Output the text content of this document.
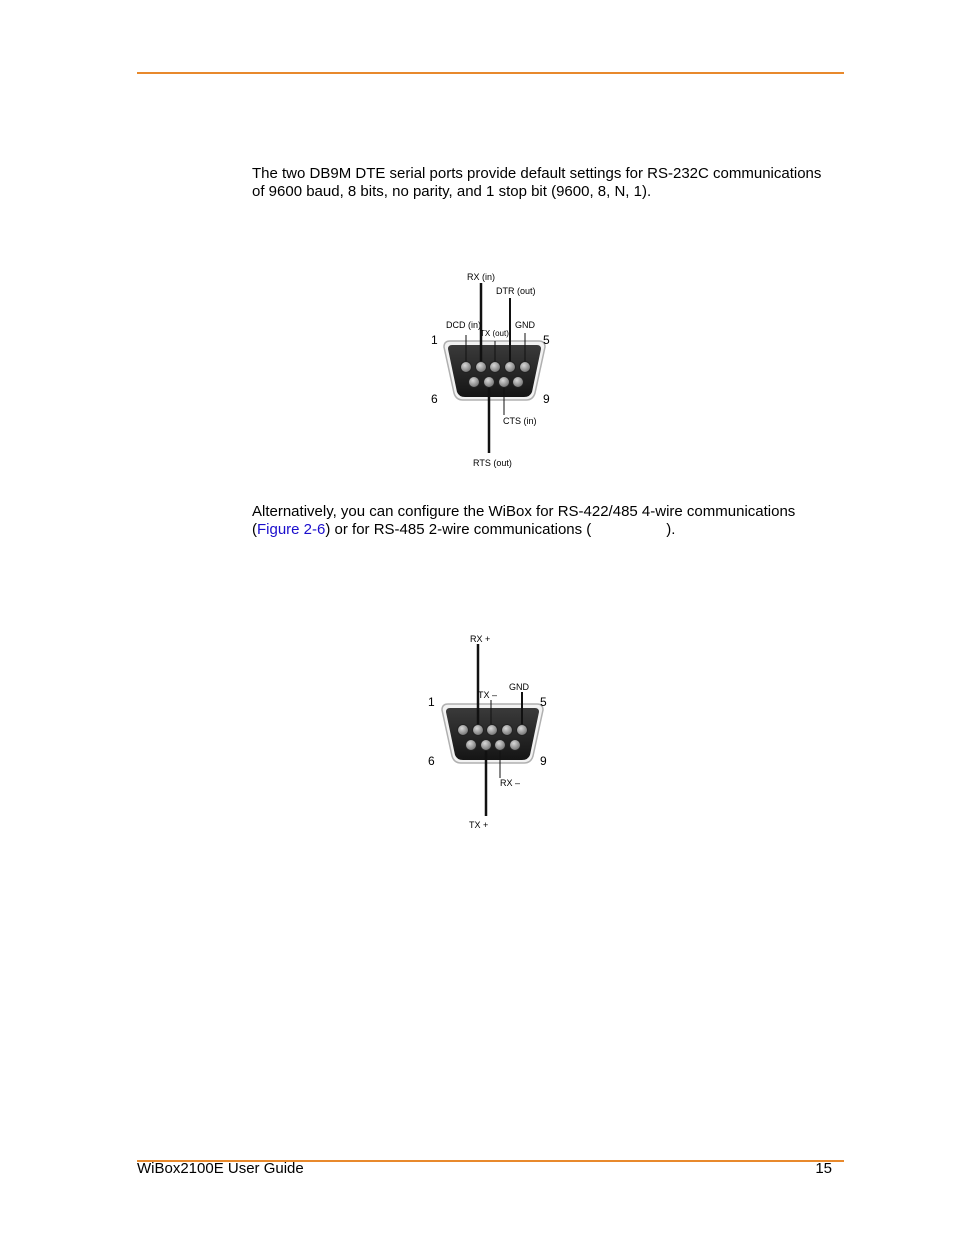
The two DB9M DTE serial ports provide default settings for RS-232C communications of 9600 baud, 8 bits, no parity, and 1 stop bit (9600, 8, N, 1).

1	5
6	9
RX (in)
DTR (out)
DCD (in)
TX (out)
GND
CTS (in)
RTS (out)

Alternatively, you can configure the WiBox for RS-422/485 4-wire communications (Figure 2-6) or for RS-485 2-wire communications (	).

1	5
6	9
RX +
TX –
GND
RX –
TX +
WiBox2100E User Guide	15
